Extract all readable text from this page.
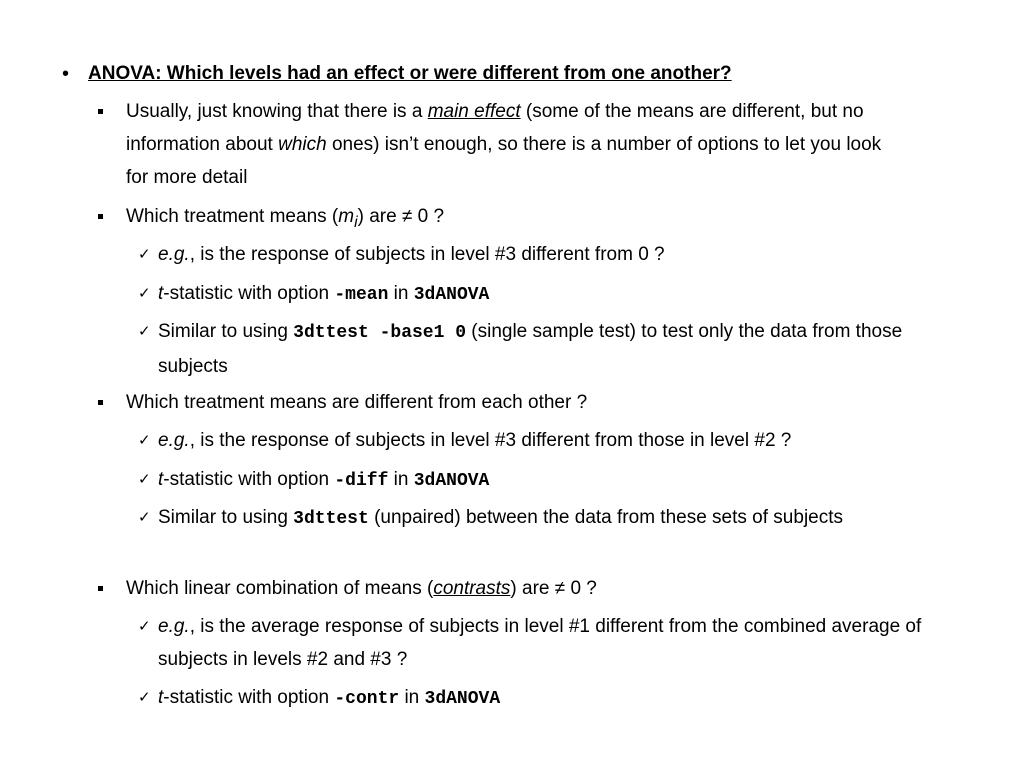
• ANOVA: Which levels had an effect or were different from one another?
Usually, just knowing that there is a main effect (some of the means are different, but no information about which ones) isn’t enough, so there is a number of options to let you look for more detail
Which treatment means $(m_i)$ are ≠ 0 ?
✓ e.g., is the response of subjects in level #3 different from 0 ?
✓ t-statistic with option -mean in 3dANOVA
✓ Similar to using 3dttest -base1 0 (single sample test) to test only the data from those subjects
Which treatment means are different from each other ?
✓ e.g., is the response of subjects in level #3 different from those in level #2 ?
✓ t-statistic with option -diff in 3dANOVA
✓ Similar to using 3dttest (unpaired) between the data from these sets of subjects
Which linear combination of means (contrasts) are ≠ 0 ?
✓ e.g., is the average response of subjects in level #1 different from the combined average of subjects in levels #2 and #3 ?
✓ t-statistic with option -contr in 3dANOVA
